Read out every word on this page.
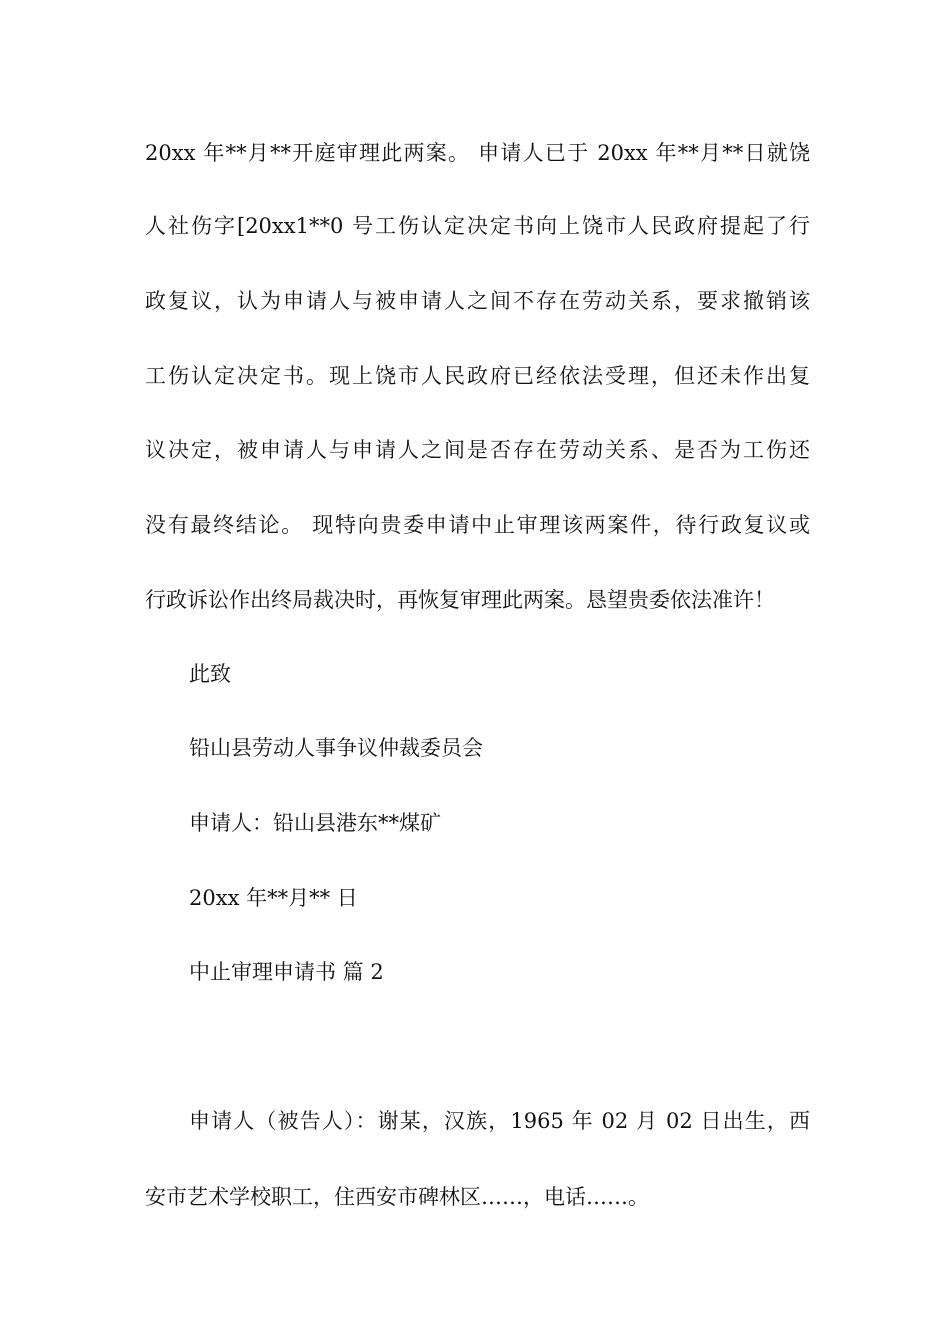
20xx 年**月**开庭审理此两案。 申请人已于 20xx 年**月**日就饶
人社伤字[20xx1**0 号工伤认定决定书向上饶市人民政府提起了行
政复议，认为申请人与被申请人之间不存在劳动关系，要求撤销该
工伤认定决定书。现上饶市人民政府已经依法受理，但还未作出复
议决定，被申请人与申请人之间是否存在劳动关系、是否为工伤还
没有最终结论。 现特向贵委申请中止审理该两案件，待行政复议或
行政诉讼作出终局裁决时，再恢复审理此两案。恳望贵委依法准许！
此致
铅山县劳动人事争议仲裁委员会
申请人：铅山县港东**煤矿
20xx 年**月** 日
中止审理申请书 篇 2
申请人（被告人）：谢某，汉族，1965 年 02 月 02 日出生，西
安市艺术学校职工，住西安市碑林区……，电话……。
